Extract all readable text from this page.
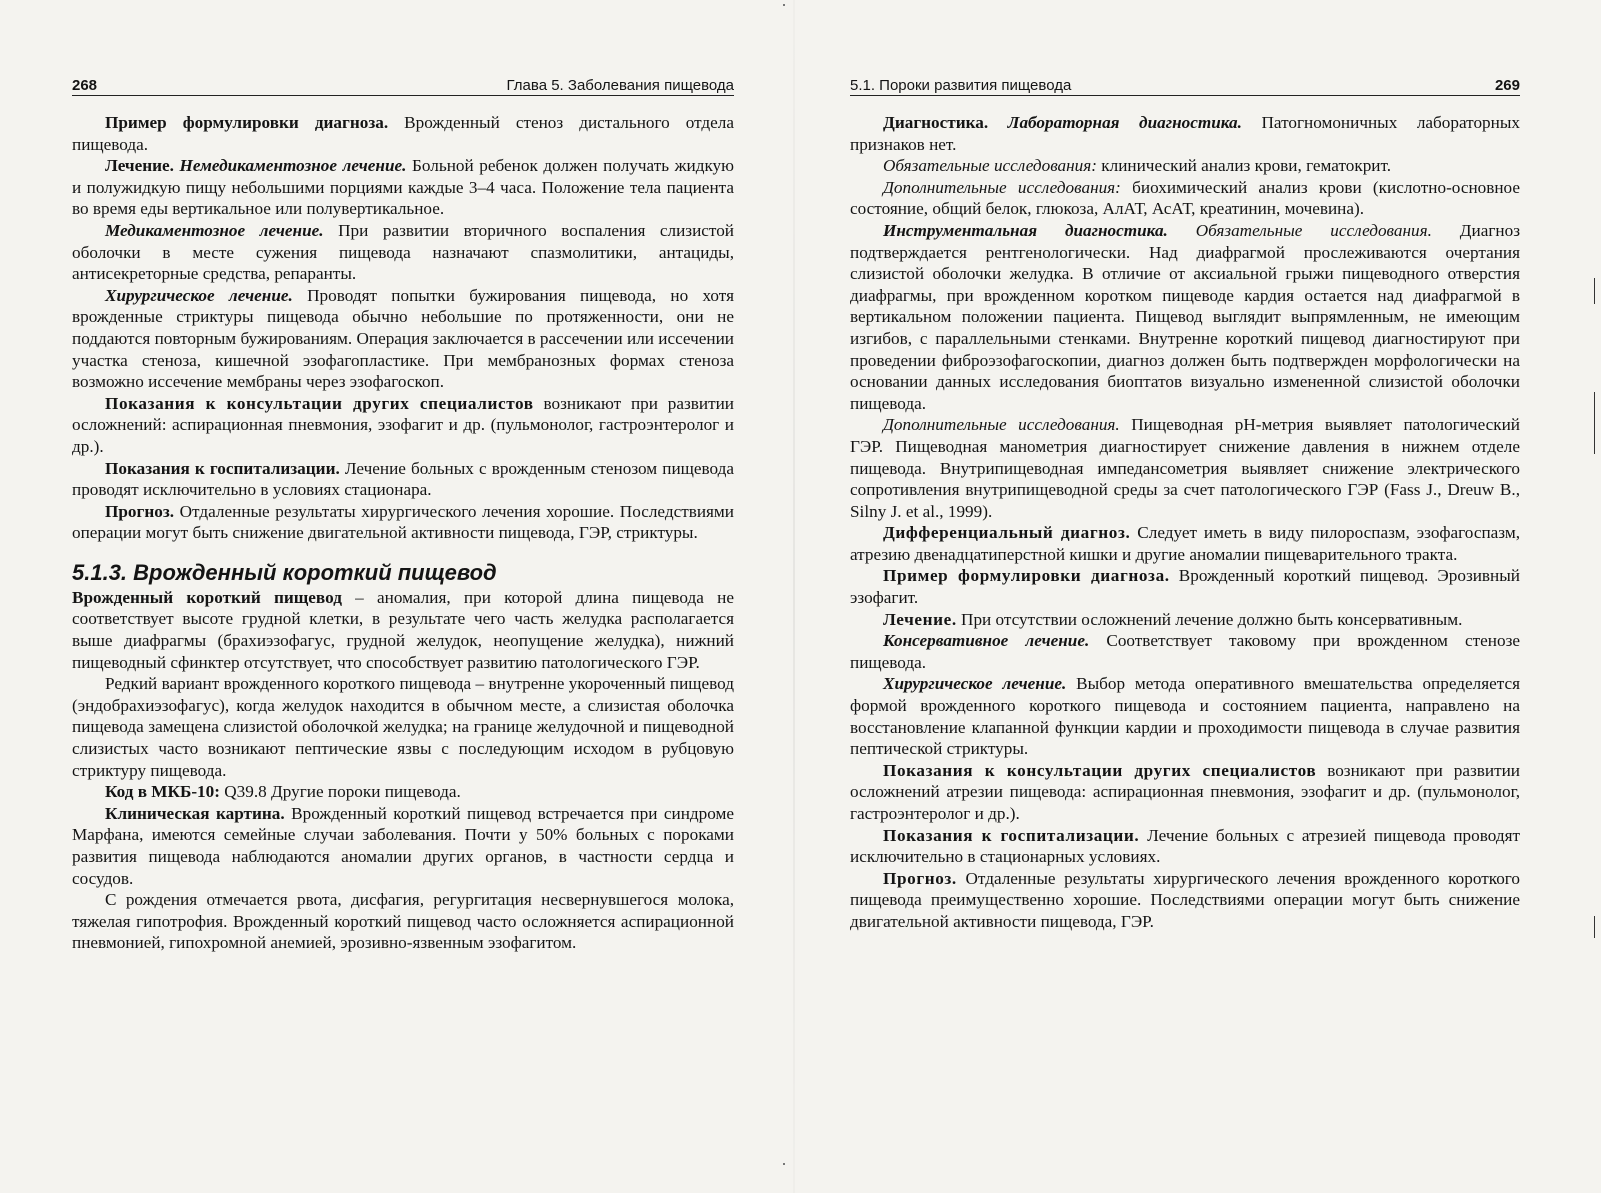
268	Глава 5. Заболевания пищевода

Пример формулировки диагноза. Врожденный стеноз дистального отдела пищевода.

Лечение. Немедикаментозное лечение. Больной ребенок должен получать жидкую и полужидкую пищу небольшими порциями каждые 3–4 часа. Положение тела пациента во время еды вертикальное или полувертикальное.

Медикаментозное лечение. При развитии вторичного воспаления слизистой оболочки в месте сужения пищевода назначают спазмолитики, антациды, антисекреторные средства, репаранты.

Хирургическое лечение. Проводят попытки бужирования пищевода, но хотя врожденные стриктуры пищевода обычно небольшие по протяженности, они не поддаются повторным бужированиям. Операция заключается в рассечении или иссечении участка стеноза, кишечной эзофагопластике. При мембранозных формах стеноза возможно иссечение мембраны через эзофагоскоп.

Показания к консультации других специалистов возникают при развитии осложнений: аспирационная пневмония, эзофагит и др. (пульмонолог, гастроэнтеролог и др.).

Показания к госпитализации. Лечение больных с врожденным стенозом пищевода проводят исключительно в условиях стационара.

Прогноз. Отдаленные результаты хирургического лечения хорошие. Последствиями операции могут быть снижение двигательной активности пищевода, ГЭР, стриктуры.

5.1.3. Врожденный короткий пищевод

Врожденный короткий пищевод – аномалия, при которой длина пищевода не соответствует высоте грудной клетки, в результате чего часть желудка располагается выше диафрагмы (брахиэзофагус, грудной желудок, неопущение желудка), нижний пищеводный сфинктер отсутствует, что способствует развитию патологического ГЭР.

Редкий вариант врожденного короткого пищевода – внутренне укороченный пищевод (эндобрахиэзофагус), когда желудок находится в обычном месте, а слизистая оболочка пищевода замещена слизистой оболочкой желудка; на границе желудочной и пищеводной слизистых часто возникают пептические язвы с последующим исходом в рубцовую стриктуру пищевода.

Код в МКБ-10: Q39.8 Другие пороки пищевода.

Клиническая картина. Врожденный короткий пищевод встречается при синдроме Марфана, имеются семейные случаи заболевания. Почти у 50% больных с пороками развития пищевода наблюдаются аномалии других органов, в частности сердца и сосудов.

С рождения отмечается рвота, дисфагия, регургитация несвернувшегося молока, тяжелая гипотрофия. Врожденный короткий пищевод часто осложняется аспирационной пневмонией, гипохромной анемией, эрозивно-язвенным эзофагитом.

5.1. Пороки развития пищевода	269

Диагностика. Лабораторная диагностика. Патогномоничных лабораторных признаков нет.

Обязательные исследования: клинический анализ крови, гематокрит.

Дополнительные исследования: биохимический анализ крови (кислотно-основное состояние, общий белок, глюкоза, АлАТ, АсАТ, креатинин, мочевина).

Инструментальная диагностика. Обязательные исследования. Диагноз подтверждается рентгенологически. Над диафрагмой прослеживаются очертания слизистой оболочки желудка. В отличие от аксиальной грыжи пищеводного отверстия диафрагмы, при врожденном коротком пищеводе кардия остается над диафрагмой в вертикальном положении пациента. Пищевод выглядит выпрямленным, не имеющим изгибов, с параллельными стенками. Внутренне короткий пищевод диагностируют при проведении фиброэзофагоскопии, диагноз должен быть подтвержден морфологически на основании данных исследования биоптатов визуально измененной слизистой оболочки пищевода.

Дополнительные исследования. Пищеводная рН-метрия выявляет патологический ГЭР. Пищеводная манометрия диагностирует снижение давления в нижнем отделе пищевода. Внутрипищеводная импедансометрия выявляет снижение электрического сопротивления внутрипищеводной среды за счет патологического ГЭР (Fass J., Dreuw B., Silny J. et al., 1999).

Дифференциальный диагноз. Следует иметь в виду пилороспазм, эзофагоспазм, атрезию двенадцатиперстной кишки и другие аномалии пищеварительного тракта.

Пример формулировки диагноза. Врожденный короткий пищевод. Эрозивный эзофагит.

Лечение. При отсутствии осложнений лечение должно быть консервативным.

Консервативное лечение. Соответствует таковому при врожденном стенозе пищевода.

Хирургическое лечение. Выбор метода оперативного вмешательства определяется формой врожденного короткого пищевода и состоянием пациента, направлено на восстановление клапанной функции кардии и проходимости пищевода в случае развития пептической стриктуры.

Показания к консультации других специалистов возникают при развитии осложнений атрезии пищевода: аспирационная пневмония, эзофагит и др. (пульмонолог, гастроэнтеролог и др.).

Показания к госпитализации. Лечение больных с атрезией пищевода проводят исключительно в стационарных условиях.

Прогноз. Отдаленные результаты хирургического лечения врожденного короткого пищевода преимущественно хорошие. Последствиями операции могут быть снижение двигательной активности пищевода, ГЭР.
